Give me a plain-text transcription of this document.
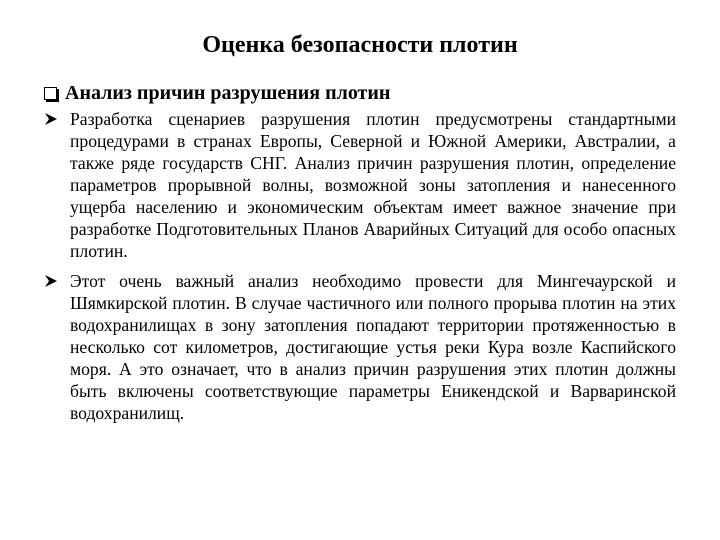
Оценка безопасности плотин
Анализ причин разрушения плотин
Разработка сценариев разрушения плотин предусмотрены стандартными процедурами в странах Европы, Северной и Южной Америки, Австралии, а также ряде государств СНГ. Анализ причин разрушения плотин, определение параметров прорывной волны, возможной зоны затопления и нанесенного ущерба населению и экономическим объектам имеет важное значение при разработке Подготовительных Планов Аварийных Ситуаций для особо опасных плотин.
Этот очень важный анализ необходимо провести для Мингечаурской и Шямкирской плотин. В случае частичного или полного прорыва плотин на этих водохранилищах в зону затопления попадают территории протяженностью в несколько сот километров, достигающие устья реки Кура возле Каспийского моря. А это означает, что в анализ причин разрушения этих плотин должны быть включены соответствующие параметры Еникендской и Варваринской водохранилищ.
